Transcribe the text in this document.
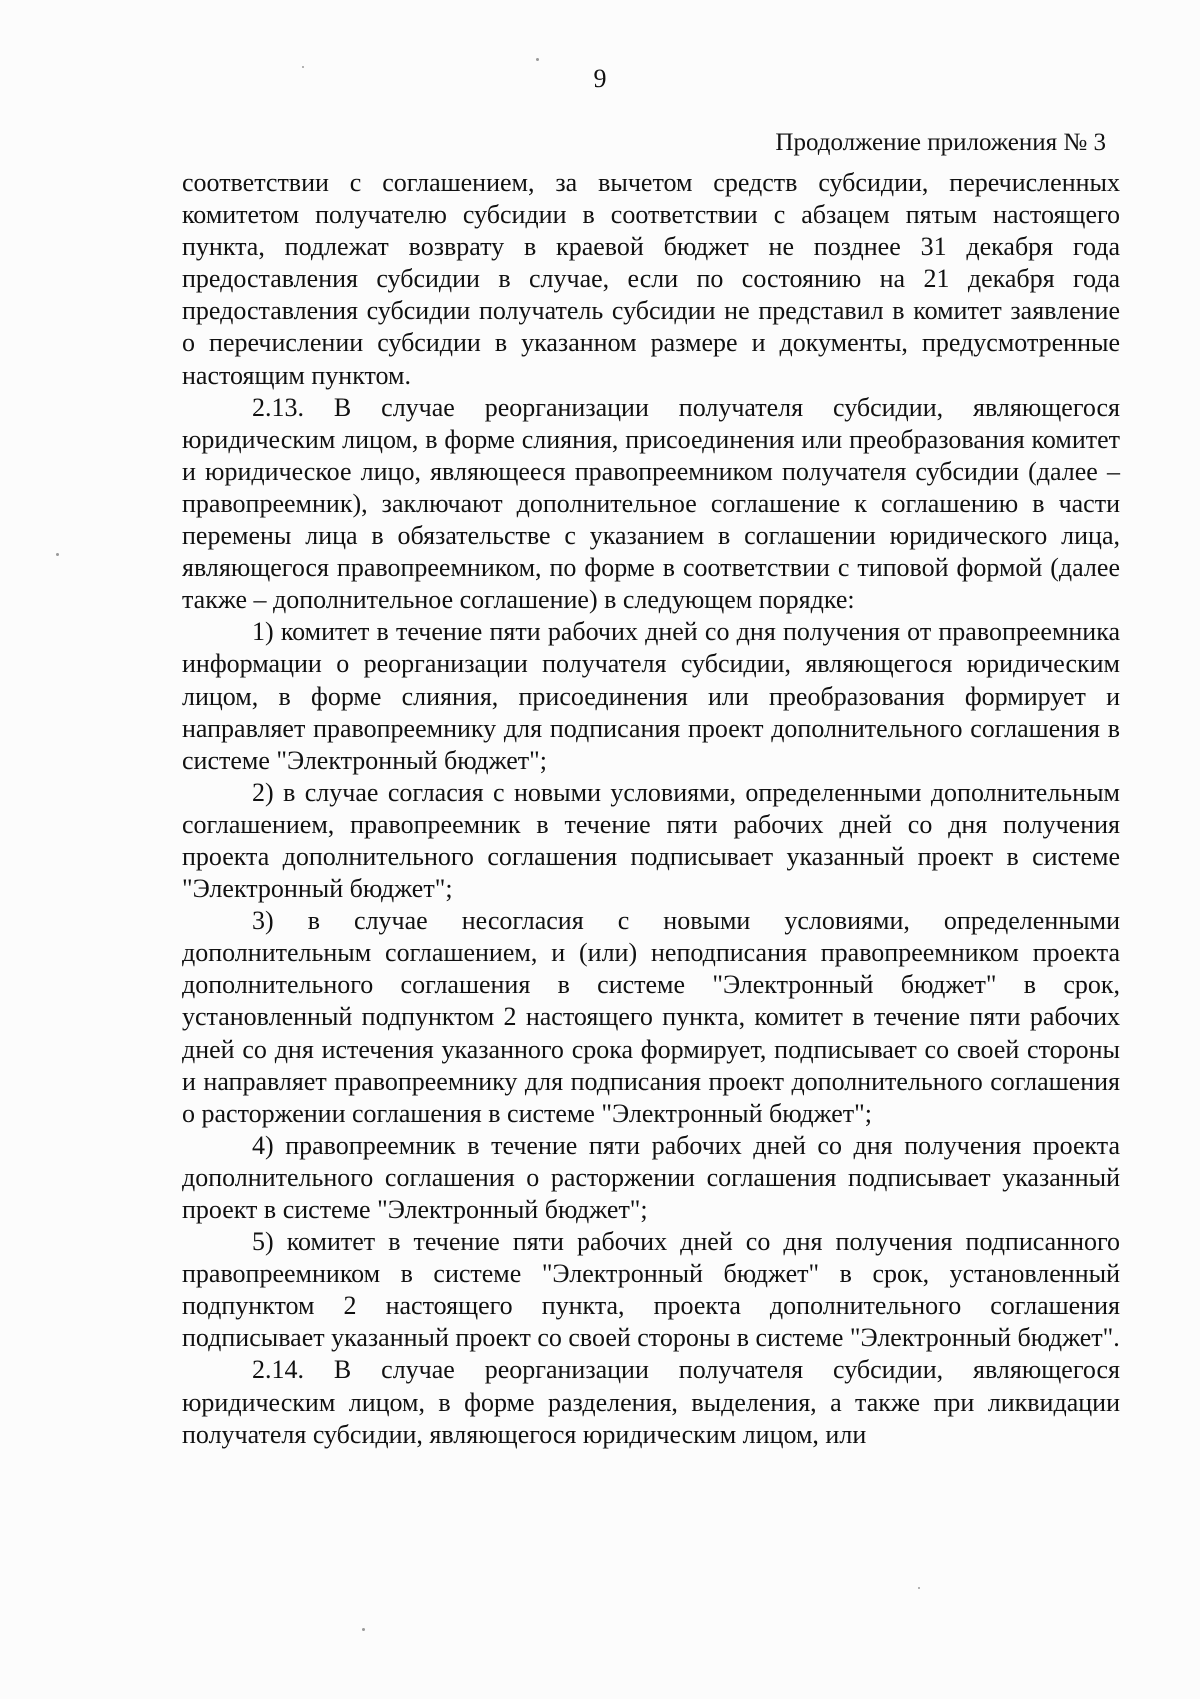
9
Продолжение приложения № 3

соответствии с соглашением, за вычетом средств субсидии, перечисленных комитетом получателю субсидии в соответствии с абзацем пятым настоящего пункта, подлежат возврату в краевой бюджет не позднее 31 декабря года предоставления субсидии в случае, если по состоянию на 21 декабря года предоставления субсидии получатель субсидии не представил в комитет заявление о перечислении субсидии в указанном размере и документы, предусмотренные настоящим пунктом.

2.13. В случае реорганизации получателя субсидии, являющегося юридическим лицом, в форме слияния, присоединения или преобразования комитет и юридическое лицо, являющееся правопреемником получателя субсидии (далее – правопреемник), заключают дополнительное соглашение к соглашению в части перемены лица в обязательстве с указанием в соглашении юридического лица, являющегося правопреемником, по форме в соответствии с типовой формой (далее также – дополнительное соглашение) в следующем порядке:

1) комитет в течение пяти рабочих дней со дня получения от правопреемника информации о реорганизации получателя субсидии, являющегося юридическим лицом, в форме слияния, присоединения или преобразования формирует и направляет правопреемнику для подписания проект дополнительного соглашения в системе "Электронный бюджет";

2) в случае согласия с новыми условиями, определенными дополнительным соглашением, правопреемник в течение пяти рабочих дней со дня получения проекта дополнительного соглашения подписывает указанный проект в системе "Электронный бюджет";

3) в случае несогласия с новыми условиями, определенными дополнительным соглашением, и (или) неподписания правопреемником проекта дополнительного соглашения в системе "Электронный бюджет" в срок, установленный подпунктом 2 настоящего пункта, комитет в течение пяти рабочих дней со дня истечения указанного срока формирует, подписывает со своей стороны и направляет правопреемнику для подписания проект дополнительного соглашения о расторжении соглашения в системе "Электронный бюджет";

4) правопреемник в течение пяти рабочих дней со дня получения проекта дополнительного соглашения о расторжении соглашения подписывает указанный проект в системе "Электронный бюджет";

5) комитет в течение пяти рабочих дней со дня получения подписанного правопреемником в системе "Электронный бюджет" в срок, установленный подпунктом 2 настоящего пункта, проекта дополнительного соглашения подписывает указанный проект со своей стороны в системе "Электронный бюджет".

2.14. В случае реорганизации получателя субсидии, являющегося юридическим лицом, в форме разделения, выделения, а также при ликвидации получателя субсидии, являющегося юридическим лицом, или
